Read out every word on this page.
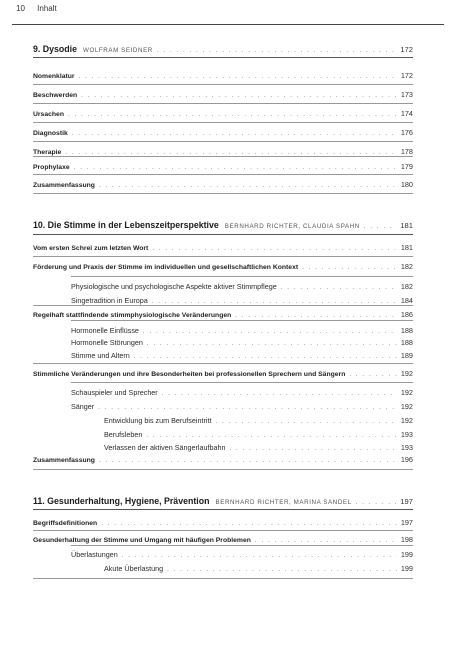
10 Inhalt
9. Dysodie WOLFRAM SEIDNER . . .	172
Nomenklatur . . .	172
Beschwerden . . .	173
Ursachen . . .	174
Diagnostik . . .	176
Therapie . . .	178
Prophylaxe . . .	179
Zusammenfassung . . .	180
10. Die Stimme in der Lebenszeitperspektive BERNHARD RICHTER, CLAUDIA SPAHN . . .	181
Vom ersten Schrei zum letzten Wort . . .	181
Förderung und Praxis der Stimme im individuellen und gesellschaftlichen Kontext . . .	182
Physiologische und psychologische Aspekte aktiver Stimmpflege . . .	182
Singetradition in Europa . . .	184
Regelhaft stattfindende stimmphysiologische Veränderungen . . .	186
Hormonelle Einflüsse . . .	188
Hormonelle Störungen . . .	188
Stimme und Altern . . .	189
Stimmliche Veränderungen und ihre Besonderheiten bei professionellen Sprechern und Sängern . . .	192
Schauspieler und Sprecher . . .	192
Sänger . . .	192
Entwicklung bis zum Berufseintritt . . .	192
Berufsleben . . .	193
Verlassen der aktiven Sängerlaufbahn . . .	193
Zusammenfassung . . .	196
11. Gesunderhaltung, Hygiene, Prävention BERNHARD RICHTER, MARINA SANDEL . . .	197
Begriffsdefinitionen . . .	197
Gesunderhaltung der Stimme und Umgang mit häufigen Problemen . . .	198
Überlastungen . . .	199
Akute Überlastung . . .	199
